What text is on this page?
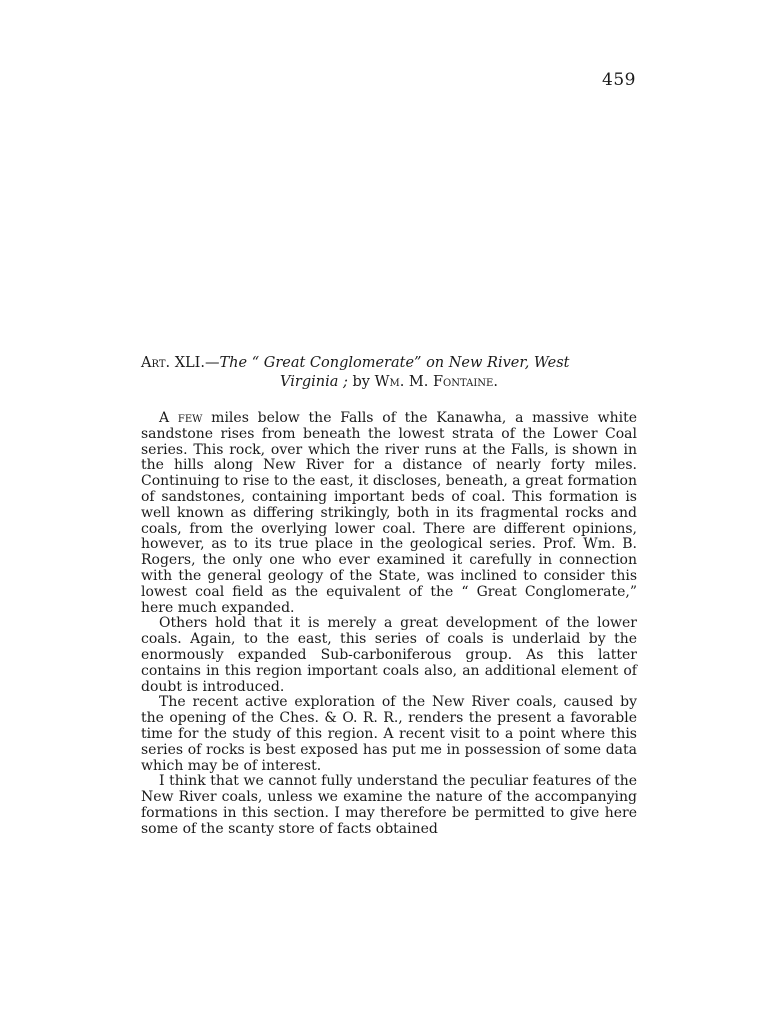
459
Art. XLI.—The “ Great Conglomerate” on New River, West
Virginia ; by Wm. M. Fontaine.

A few miles below the Falls of the Kanawha, a massive white sandstone rises from beneath the lowest strata of the Lower Coal series. This rock, over which the river runs at the Falls, is shown in the hills along New River for a distance of nearly forty miles. Continuing to rise to the east, it discloses, beneath, a great formation of sandstones, containing important beds of coal. This formation is well known as differing strikingly, both in its fragmental rocks and coals, from the overlying lower coal. There are different opinions, however, as to its true place in the geological series. Prof. Wm. B. Rogers, the only one who ever examined it carefully in connection with the general geology of the State, was inclined to consider this lowest coal field as the equivalent of the “ Great Conglomerate,” here much expanded.

Others hold that it is merely a great development of the lower coals. Again, to the east, this series of coals is underlaid by the enormously expanded Sub-carboniferous group. As this latter contains in this region important coals also, an additional element of doubt is introduced.

The recent active exploration of the New River coals, caused by the opening of the Ches. & O. R. R., renders the present a favorable time for the study of this region. A recent visit to a point where this series of rocks is best exposed has put me in possession of some data which may be of interest.

I think that we cannot fully understand the peculiar features of the New River coals, unless we examine the nature of the accompanying formations in this section. I may therefore be permitted to give here some of the scanty store of facts obtained
